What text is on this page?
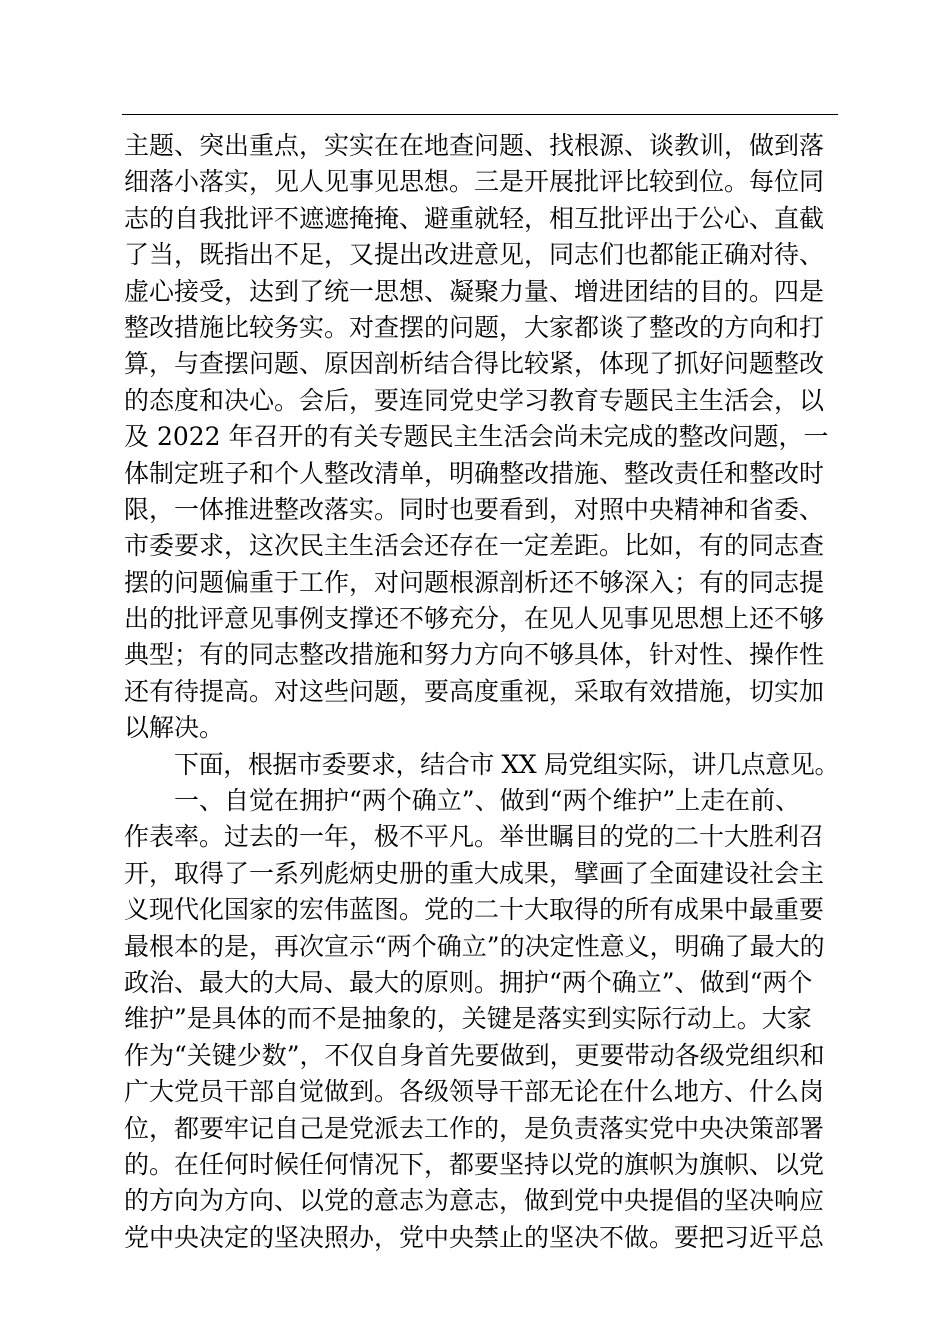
主题、突出重点，实实在在地查问题、找根源、谈教训，做到落
细落小落实，见人见事见思想。三是开展批评比较到位。每位同
志的自我批评不遮遮掩掩、避重就轻，相互批评出于公心、直截
了当，既指出不足，又提出改进意见，同志们也都能正确对待、
虚心接受，达到了统一思想、凝聚力量、增进团结的目的。四是
整改措施比较务实。对查摆的问题，大家都谈了整改的方向和打
算，与查摆问题、原因剖析结合得比较紧，体现了抓好问题整改
的态度和决心。会后，要连同党史学习教育专题民主生活会，以
及 2022 年召开的有关专题民主生活会尚未完成的整改问题，一
体制定班子和个人整改清单，明确整改措施、整改责任和整改时
限，一体推进整改落实。同时也要看到，对照中央精神和省委、
市委要求，这次民主生活会还存在一定差距。比如，有的同志查
摆的问题偏重于工作，对问题根源剖析还不够深入；有的同志提
出的批评意见事例支撑还不够充分，在见人见事见思想上还不够
典型；有的同志整改措施和努力方向不够具体，针对性、操作性
还有待提高。对这些问题，要高度重视，采取有效措施，切实加
以解决。
下面，根据市委要求，结合市 XX 局党组实际，讲几点意见。
一、自觉在拥护“两个确立”、做到“两个维护”上走在前、
作表率。过去的一年，极不平凡。举世瞩目的党的二十大胜利召
开，取得了一系列彪炳史册的重大成果，擘画了全面建设社会主
义现代化国家的宏伟蓝图。党的二十大取得的所有成果中最重要
最根本的是，再次宣示“两个确立”的决定性意义，明确了最大的
政治、最大的大局、最大的原则。拥护“两个确立”、做到“两个
维护”是具体的而不是抽象的，关键是落实到实际行动上。大家
作为“关键少数”，不仅自身首先要做到，更要带动各级党组织和
广大党员干部自觉做到。各级领导干部无论在什么地方、什么岗
位，都要牢记自己是党派去工作的，是负责落实党中央决策部署
的。在任何时候任何情况下，都要坚持以党的旗帜为旗帜、以党
的方向为方向、以党的意志为意志，做到党中央提倡的坚决响应
党中央决定的坚决照办，党中央禁止的坚决不做。要把习近平总
